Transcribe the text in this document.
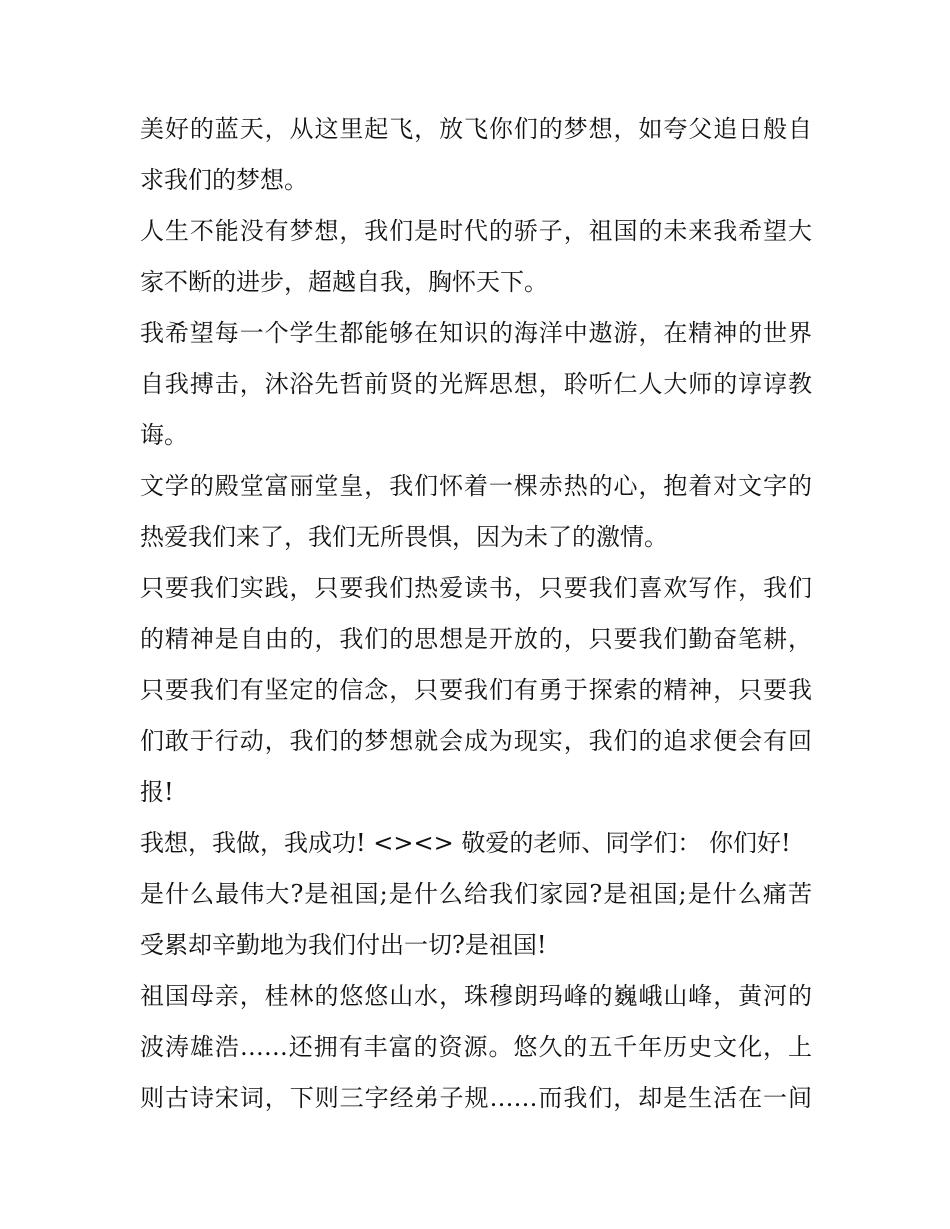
美好的蓝天，从这里起飞，放飞你们的梦想，如夸父追日般自
求我们的梦想。
人生不能没有梦想，我们是时代的骄子，祖国的未来我希望大
家不断的进步，超越自我，胸怀天下。
我希望每一个学生都能够在知识的海洋中遨游，在精神的世界
自我搏击，沐浴先哲前贤的光辉思想，聆听仁人大师的谆谆教
诲。
文学的殿堂富丽堂皇，我们怀着一棵赤热的心，抱着对文字的
热爱我们来了，我们无所畏惧，因为未了的激情。
只要我们实践，只要我们热爱读书，只要我们喜欢写作，我们
的精神是自由的，我们的思想是开放的，只要我们勤奋笔耕，
只要我们有坚定的信念，只要我们有勇于探索的精神，只要我
们敢于行动，我们的梦想就会成为现实，我们的追求便会有回
报!
我想，我做，我成功! <><> 敬爱的老师、同学们： 你们好!
是什么最伟大?是祖国;是什么给我们家园?是祖国;是什么痛苦
受累却辛勤地为我们付出一切?是祖国!
祖国母亲，桂林的悠悠山水，珠穆朗玛峰的巍峨山峰，黄河的
波涛雄浩……还拥有丰富的资源。悠久的五千年历史文化，上
则古诗宋词，下则三字经弟子规……而我们，却是生活在一间
